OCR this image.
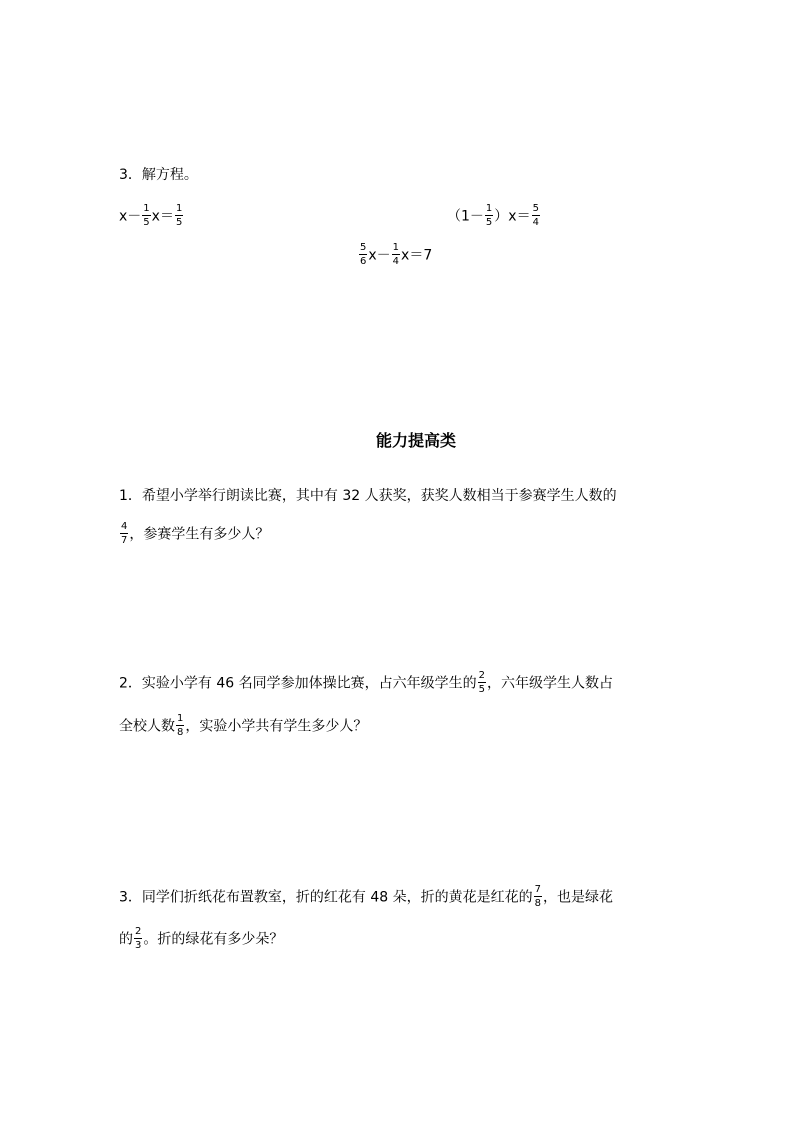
3．解方程。
$x- \frac{1}{5} x= \frac{1}{5}$	$(1- \frac{1}{5} )x= \frac{5}{4}$
$\frac{5}{6} x- \frac{1}{4} x=7$
能力提高类
1．希望小学举行朗读比赛，其中有 32 人获奖，获奖人数相当于参赛学生人数的
$\frac{4}{7}$ ，参赛学生有多少人？
2．实验小学有 46 名同学参加体操比赛，占六年级学生的 $\frac{2}{5}$ ，六年级学生人数占
全校人数 $\frac{1}{8}$ ，实验小学共有学生多少人？
3．同学们折纸花布置教室，折的红花有 48 朵，折的黄花是红花的 $\frac{7}{8}$ ，也是绿花
的 $\frac{2}{3}$ 。折的绿花有多少朵？
